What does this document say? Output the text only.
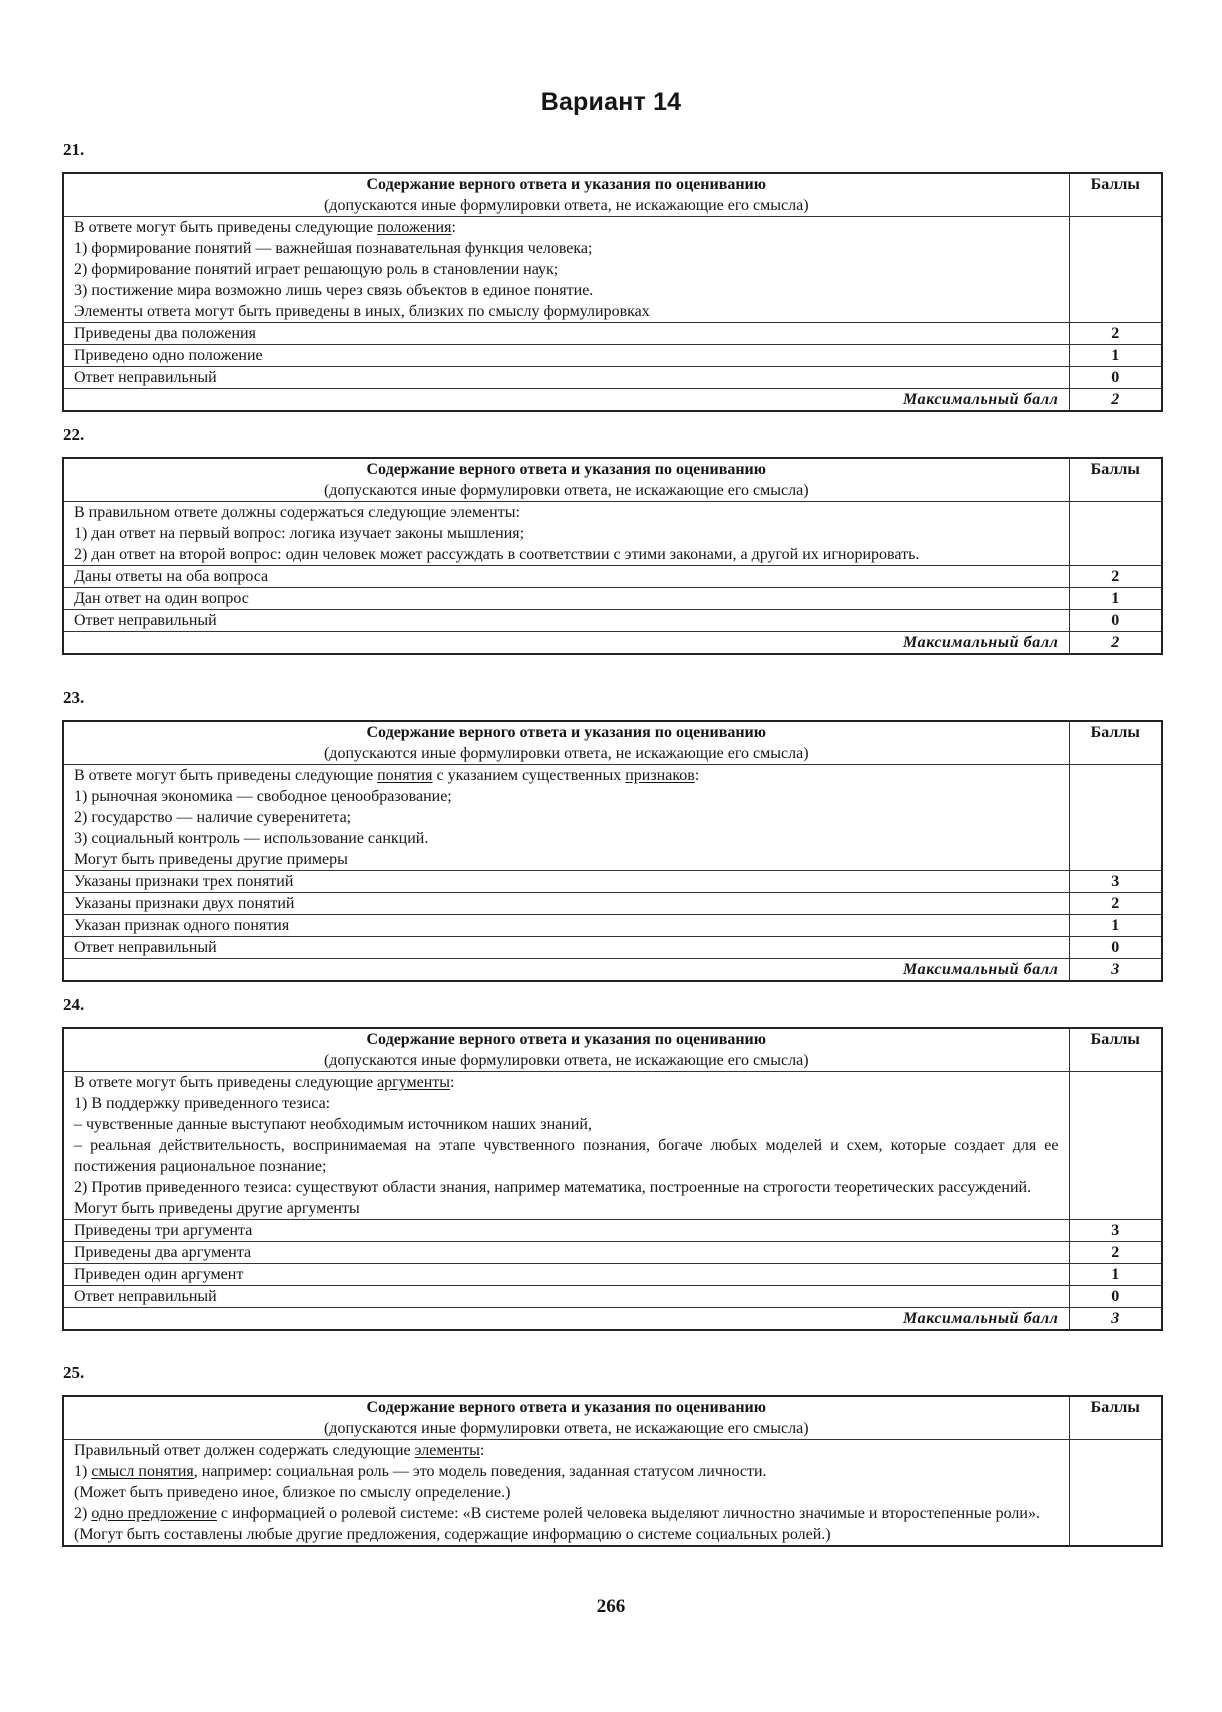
Вариант 14
21.
Содержание верного ответа и указания по оцениванию
(допускаются иные формулировки ответа, не искажающие его смысла)	Баллы

В ответе могут быть приведены следующие положения:
1) формирование понятий — важнейшая познавательная функция человека;
2) формирование понятий играет решающую роль в становлении наук;
3) постижение мира возможно лишь через связь объектов в единое понятие.
Элементы ответа могут быть приведены в иных, близких по смыслу формулировках	

Приведены два положения	2
Приведено одно положение	1
Ответ неправильный	0
Максимальный балл	2
22.
Содержание верного ответа и указания по оцениванию
(допускаются иные формулировки ответа, не искажающие его смысла)	Баллы

В правильном ответе должны содержаться следующие элементы:
1) дан ответ на первый вопрос: логика изучает законы мышления;
2) дан ответ на второй вопрос: один человек может рассуждать в соответствии с этими законами, а другой их игнорировать.	

Даны ответы на оба вопроса	2
Дан ответ на один вопрос	1
Ответ неправильный	0
Максимальный балл	2
23.
Содержание верного ответа и указания по оцениванию
(допускаются иные формулировки ответа, не искажающие его смысла)	Баллы

В ответе могут быть приведены следующие понятия с указанием существенных признаков:
1) рыночная экономика — свободное ценообразование;
2) государство — наличие суверенитета;
3) социальный контроль — использование санкций.
Могут быть приведены другие примеры	

Указаны признаки трех понятий	3
Указаны признаки двух понятий	2
Указан признак одного понятия	1
Ответ неправильный	0
Максимальный балл	3
24.
Содержание верного ответа и указания по оцениванию
(допускаются иные формулировки ответа, не искажающие его смысла)	Баллы

В ответе могут быть приведены следующие аргументы:
1) В поддержку приведенного тезиса:
– чувственные данные выступают необходимым источником наших знаний,
– реальная действительность, воспринимаемая на этапе чувственного познания, богаче любых моделей и схем, которые создает для ее постижения рациональное познание;
2) Против приведенного тезиса: существуют области знания, например математика, построенные на строгости теоретических рассуждений.
Могут быть приведены другие аргументы

Приведены три аргумента	3
Приведены два аргумента	2
Приведен один аргумент	1
Ответ неправильный	0
Максимальный балл	3
25.
Содержание верного ответа и указания по оцениванию
(допускаются иные формулировки ответа, не искажающие его смысла)	Баллы

Правильный ответ должен содержать следующие элементы:
1) смысл понятия, например: социальная роль — это модель поведения, заданная статусом личности.
(Может быть приведено иное, близкое по смыслу определение.)
2) одно предложение с информацией о ролевой системе: «В системе ролей человека выделяют личностно значимые и второстепенные роли».
(Могут быть составлены любые другие предложения, содержащие информацию о системе социальных ролей.)	

266
